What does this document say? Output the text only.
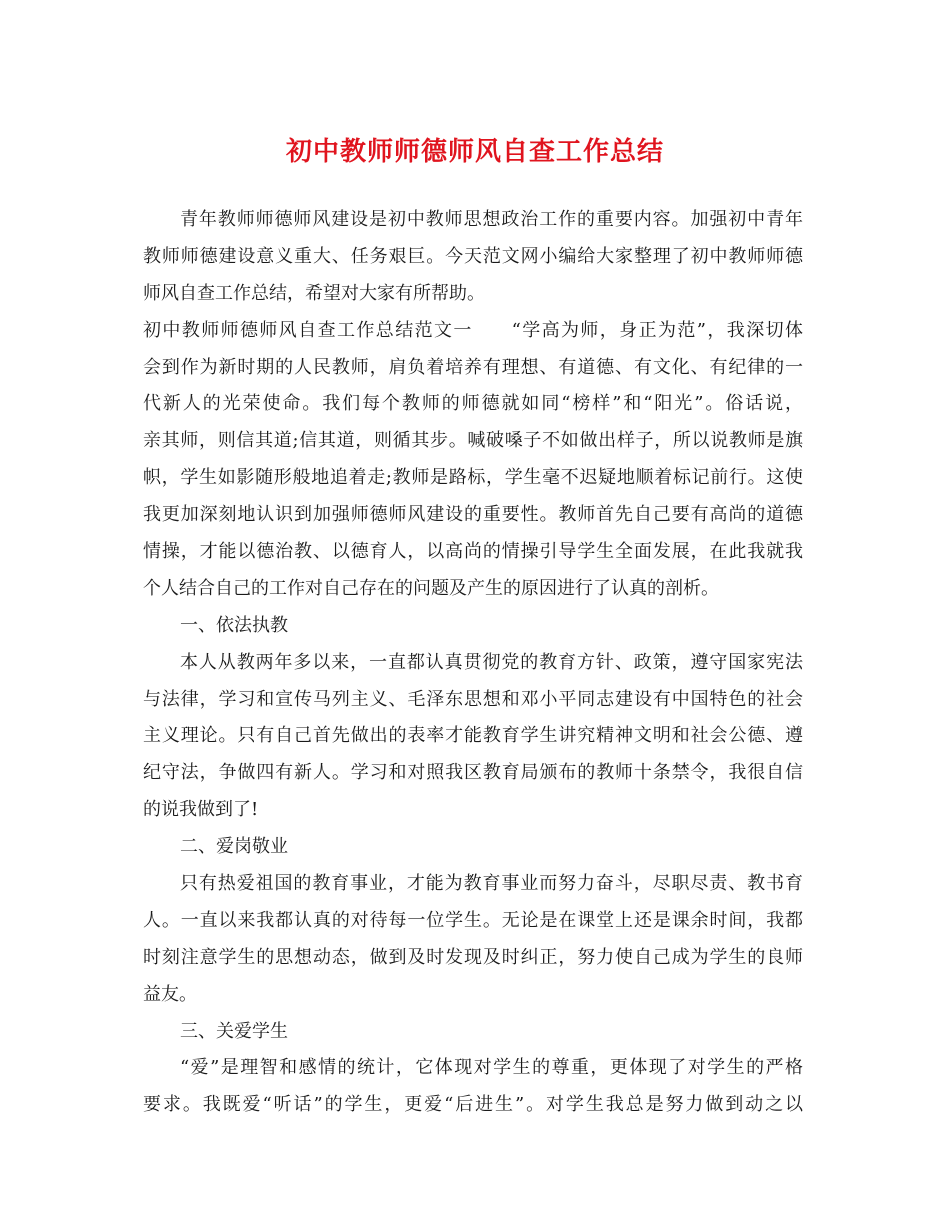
初中教师师德师风自查工作总结
青年教师师德师风建设是初中教师思想政治工作的重要内容。加强初中青年
教师师德建设意义重大、任务艰巨。今天范文网小编给大家整理了初中教师师德
师风自查工作总结，希望对大家有所帮助。
初中教师师德师风自查工作总结范文一　　“学高为师，身正为范”，我深切体
会到作为新时期的人民教师，肩负着培养有理想、有道德、有文化、有纪律的一
代新人的光荣使命。我们每个教师的师德就如同“榜样”和“阳光”。俗话说，
亲其师，则信其道;信其道，则循其步。喊破嗓子不如做出样子，所以说教师是旗
帜，学生如影随形般地追着走;教师是路标，学生毫不迟疑地顺着标记前行。这使
我更加深刻地认识到加强师德师风建设的重要性。教师首先自己要有高尚的道德
情操，才能以德治教、以德育人，以高尚的情操引导学生全面发展，在此我就我
个人结合自己的工作对自己存在的问题及产生的原因进行了认真的剖析。
一、依法执教
本人从教两年多以来，一直都认真贯彻党的教育方针、政策，遵守国家宪法
与法律，学习和宣传马列主义、毛泽东思想和邓小平同志建设有中国特色的社会
主义理论。只有自己首先做出的表率才能教育学生讲究精神文明和社会公德、遵
纪守法，争做四有新人。学习和对照我区教育局颁布的教师十条禁令，我很自信
的说我做到了!
二、爱岗敬业
只有热爱祖国的教育事业，才能为教育事业而努力奋斗，尽职尽责、教书育
人。一直以来我都认真的对待每一位学生。无论是在课堂上还是课余时间，我都
时刻注意学生的思想动态，做到及时发现及时纠正，努力使自己成为学生的良师
益友。
三、关爱学生
“爱”是理智和感情的统计，它体现对学生的尊重，更体现了对学生的严格
要求。我既爱“听话”的学生，更爱“后进生”。对学生我总是努力做到动之以
